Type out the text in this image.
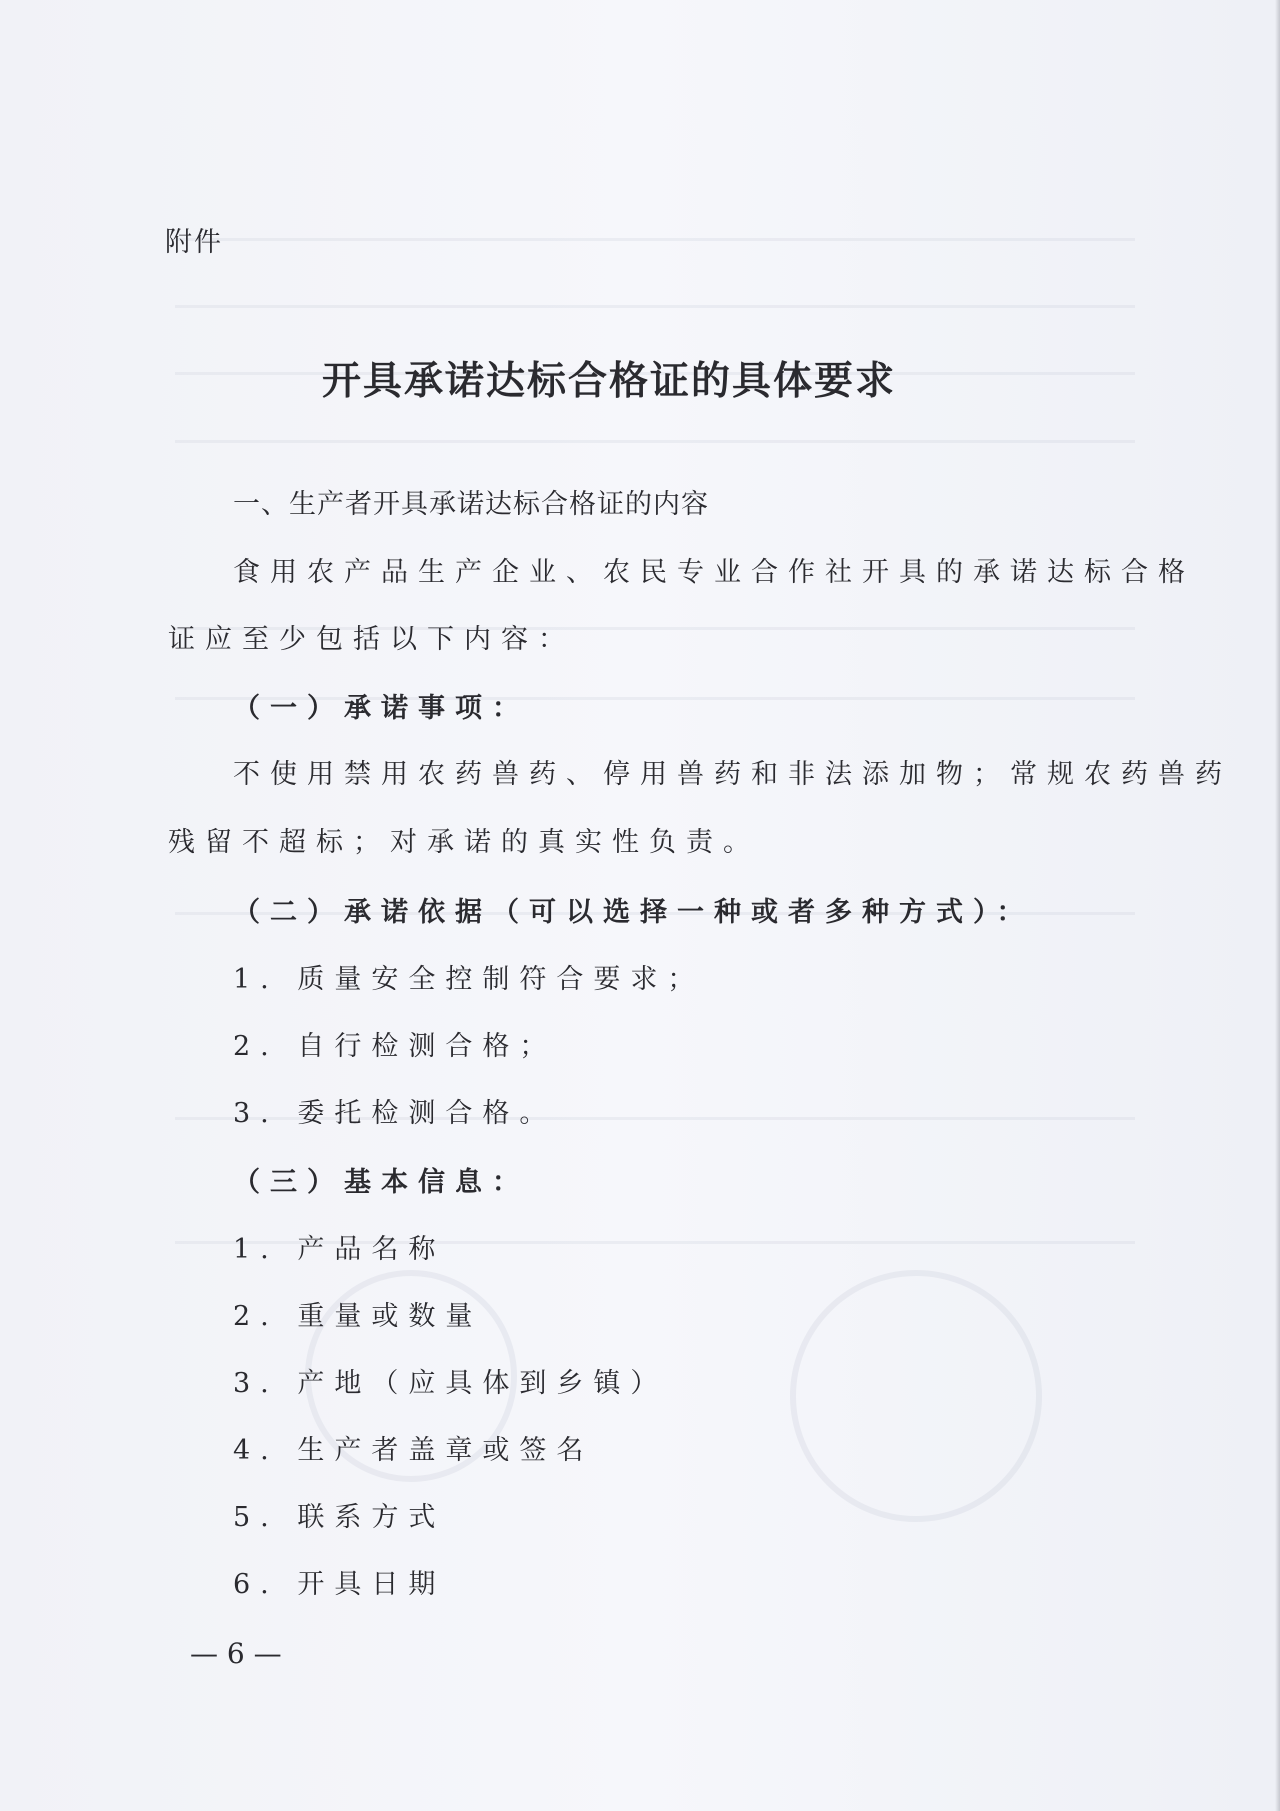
附件
开具承诺达标合格证的具体要求
一、生产者开具承诺达标合格证的内容
食用农产品生产企业、农民专业合作社开具的承诺达标合格
证应至少包括以下内容：
（一）承诺事项：
不使用禁用农药兽药、停用兽药和非法添加物；常规农药兽药
残留不超标；对承诺的真实性负责。
（二）承诺依据（可以选择一种或者多种方式）：
1. 质量安全控制符合要求；
2. 自行检测合格；
3. 委托检测合格。
（三）基本信息：
1. 产品名称
2. 重量或数量
3. 产地（应具体到乡镇）
4. 生产者盖章或签名
5. 联系方式
6. 开具日期
— 6 —
